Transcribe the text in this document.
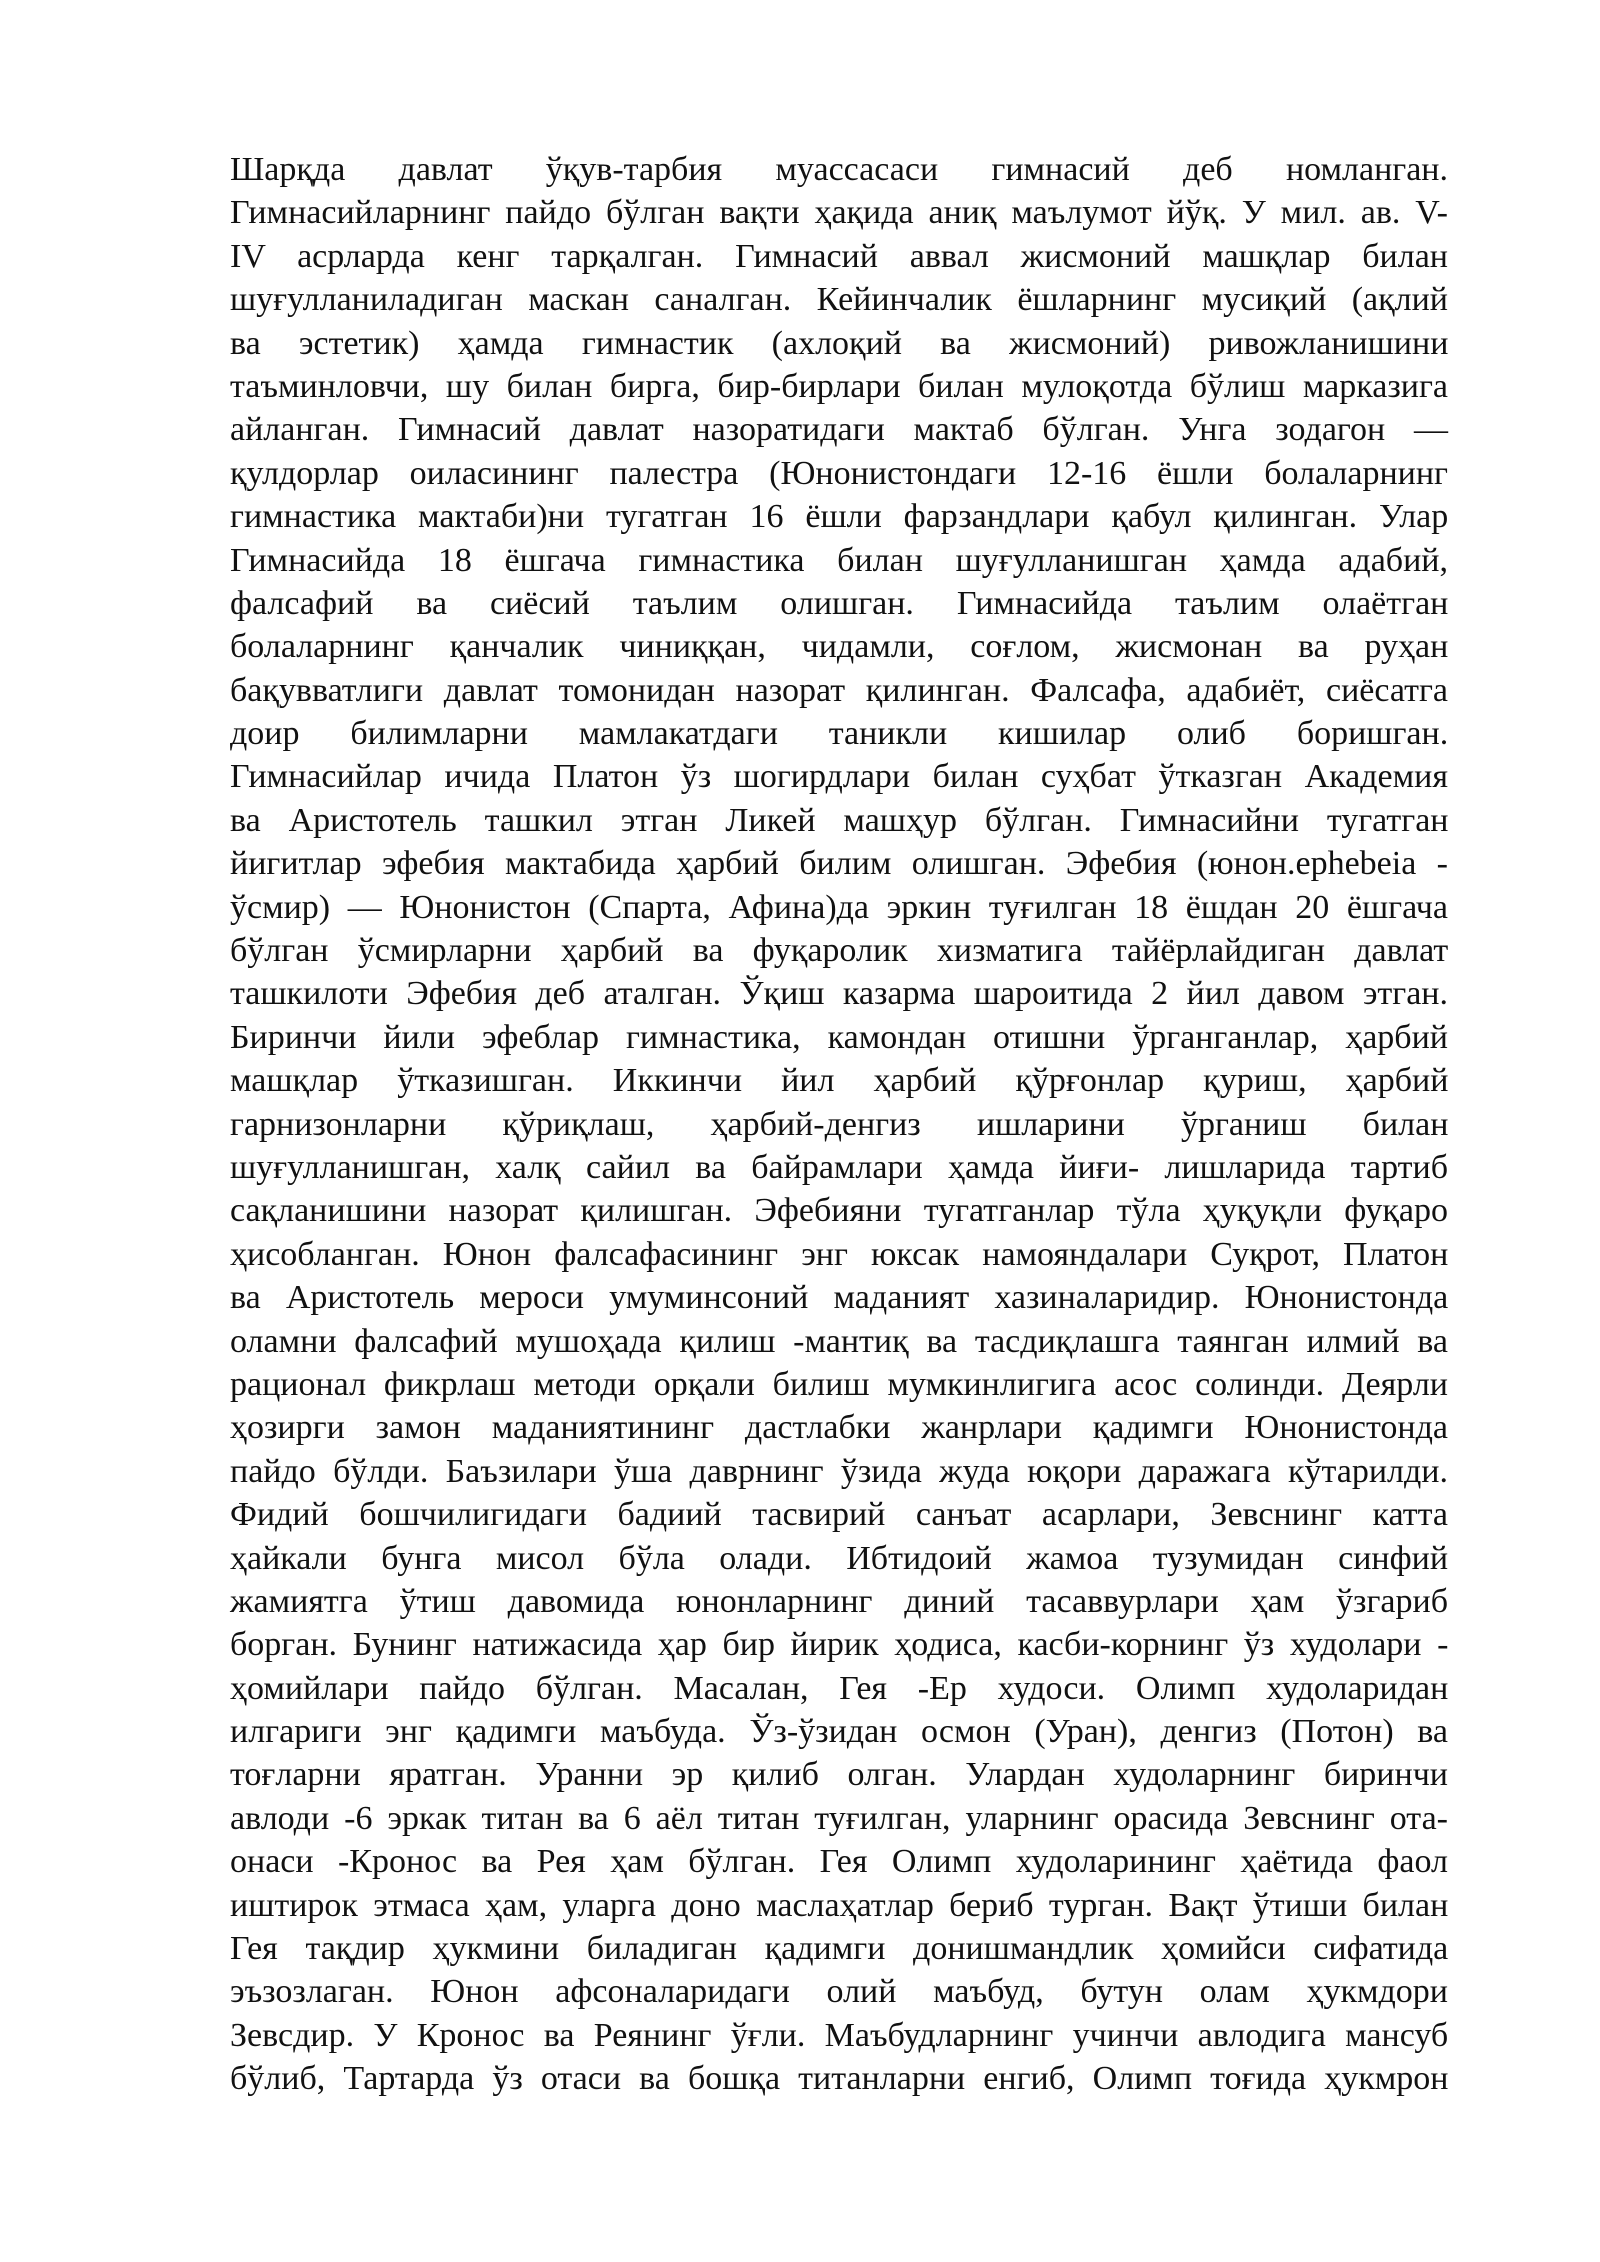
Шарқда давлат ўқув-тарбия муассасаси гимнасий деб номланган.
Гимнасийларнинг пайдо бўлган вақти ҳақида аниқ маълумот йўқ. У мил. ав. V-
IV асрларда кенг тарқалган. Гимнасий аввал жисмоний машқлар билан
шуғулланиладиган маскан саналган. Кейинчалик ёшларнинг мусиқий (ақлий
ва эстетик) ҳамда гимнастик (ахлоқий ва жисмоний) ривожланишини
таъминловчи, шу билан бирга, бир-бирлари билан мулоқотда бўлиш марказига
айланган. Гимнасий давлат назоратидаги мактаб бўлган. Унга зодагон —
қулдорлар оиласининг палестра (Юнонистондаги 12-16 ёшли болаларнинг
гимнастика мактаби)ни тугатган 16 ёшли фарзандлари қабул қилинган. Улар
Гимнасийда 18 ёшгача гимнастика билан шуғулланишган ҳамда адабий,
фалсафий ва сиёсий таълим олишган. Гимнасийда таълим олаётган
болаларнинг қанчалик чиниққан, чидамли, соғлом, жисмонан ва руҳан
бақувватлиги давлат томонидан назорат қилинган. Фалсафа, адабиёт, сиёсатга
доир билимларни мамлакатдаги таникли кишилар олиб боришган.
Гимнасийлар ичида Платон ўз шогирдлари билан суҳбат ўтказган Академия
ва Аристотель ташкил этган Ликей машҳур бўлган. Гимнасийни тугатган
йигитлар эфебия мактабида ҳарбий билим олишган. Эфебия (юнон.ephebeia -
ўсмир) — Юнонистон (Спарта, Афина)да эркин туғилган 18 ёшдан 20 ёшгача
бўлган ўсмирларни ҳарбий ва фуқаролик хизматига тайёрлайдиган давлат
ташкилоти Эфебия деб аталган. Ўқиш казарма шароитида 2 йил давом этган.
Биринчи йили эфеблар гимнастика, камондан отишни ўрганганлар, ҳарбий
машқлар ўтказишган. Иккинчи йил ҳарбий қўрғонлар қуриш, ҳарбий
гарнизонларни қўриқлаш, ҳарбий-денгиз ишларини ўрганиш билан
шуғулланишган, халқ сайил ва байрамлари ҳамда йиғи- лишларида тартиб
сақланишини назорат қилишган. Эфебияни тугатганлар тўла ҳуқуқли фуқаро
ҳисобланган. Юнон фалсафасининг энг юксак намояндалари Суқрот, Платон
ва Аристотель мероси умуминсоний маданият хазиналаридир. Юнонистонда
оламни фалсафий мушоҳада қилиш -мантиқ ва тасдиқлашга таянган илмий ва
рационал фикрлаш методи орқали билиш мумкинлигига асос солинди. Деярли
ҳозирги замон маданиятининг дастлабки жанрлари қадимги Юнонистонда
пайдо бўлди. Баъзилари ўша даврнинг ўзида жуда юқори даражага кўтарилди.
Фидий бошчилигидаги бадиий тасвирий санъат асарлари, Зевснинг катта
ҳайкали бунга мисол бўла олади. Ибтидоий жамоа тузумидан синфий
жамиятга ўтиш давомида юнонларнинг диний тасаввурлари ҳам ўзгариб
борган. Бунинг натижасида ҳар бир йирик ҳодиса, касби-корнинг ўз худолари -
ҳомийлари пайдо бўлган. Масалан, Гея -Ер худоси. Олимп худоларидан
илгариги энг қадимги маъбуда. Ўз-ўзидан осмон (Уран), денгиз (Потон) ва
тоғларни яратган. Уранни эр қилиб олган. Улардан худоларнинг биринчи
авлоди -6 эркак титан ва 6 аёл титан туғилган, уларнинг орасида Зевснинг ота-
онаси -Кронос ва Рея ҳам бўлган. Гея Олимп худоларининг ҳаётида фаол
иштирок этмаса ҳам, уларга доно маслаҳатлар бериб турган. Вақт ўтиши билан
Гея тақдир ҳукмини биладиган қадимги донишмандлик ҳомийси сифатида
эъзозлаган. Юнон афсоналаридаги олий маъбуд, бутун олам ҳукмдори
Зевсдир. У Кронос ва Реянинг ўғли. Маъбудларнинг учинчи авлодига мансуб
бўлиб, Тартарда ўз отаси ва бошқа титанларни енгиб, Олимп тоғида ҳукмрон
